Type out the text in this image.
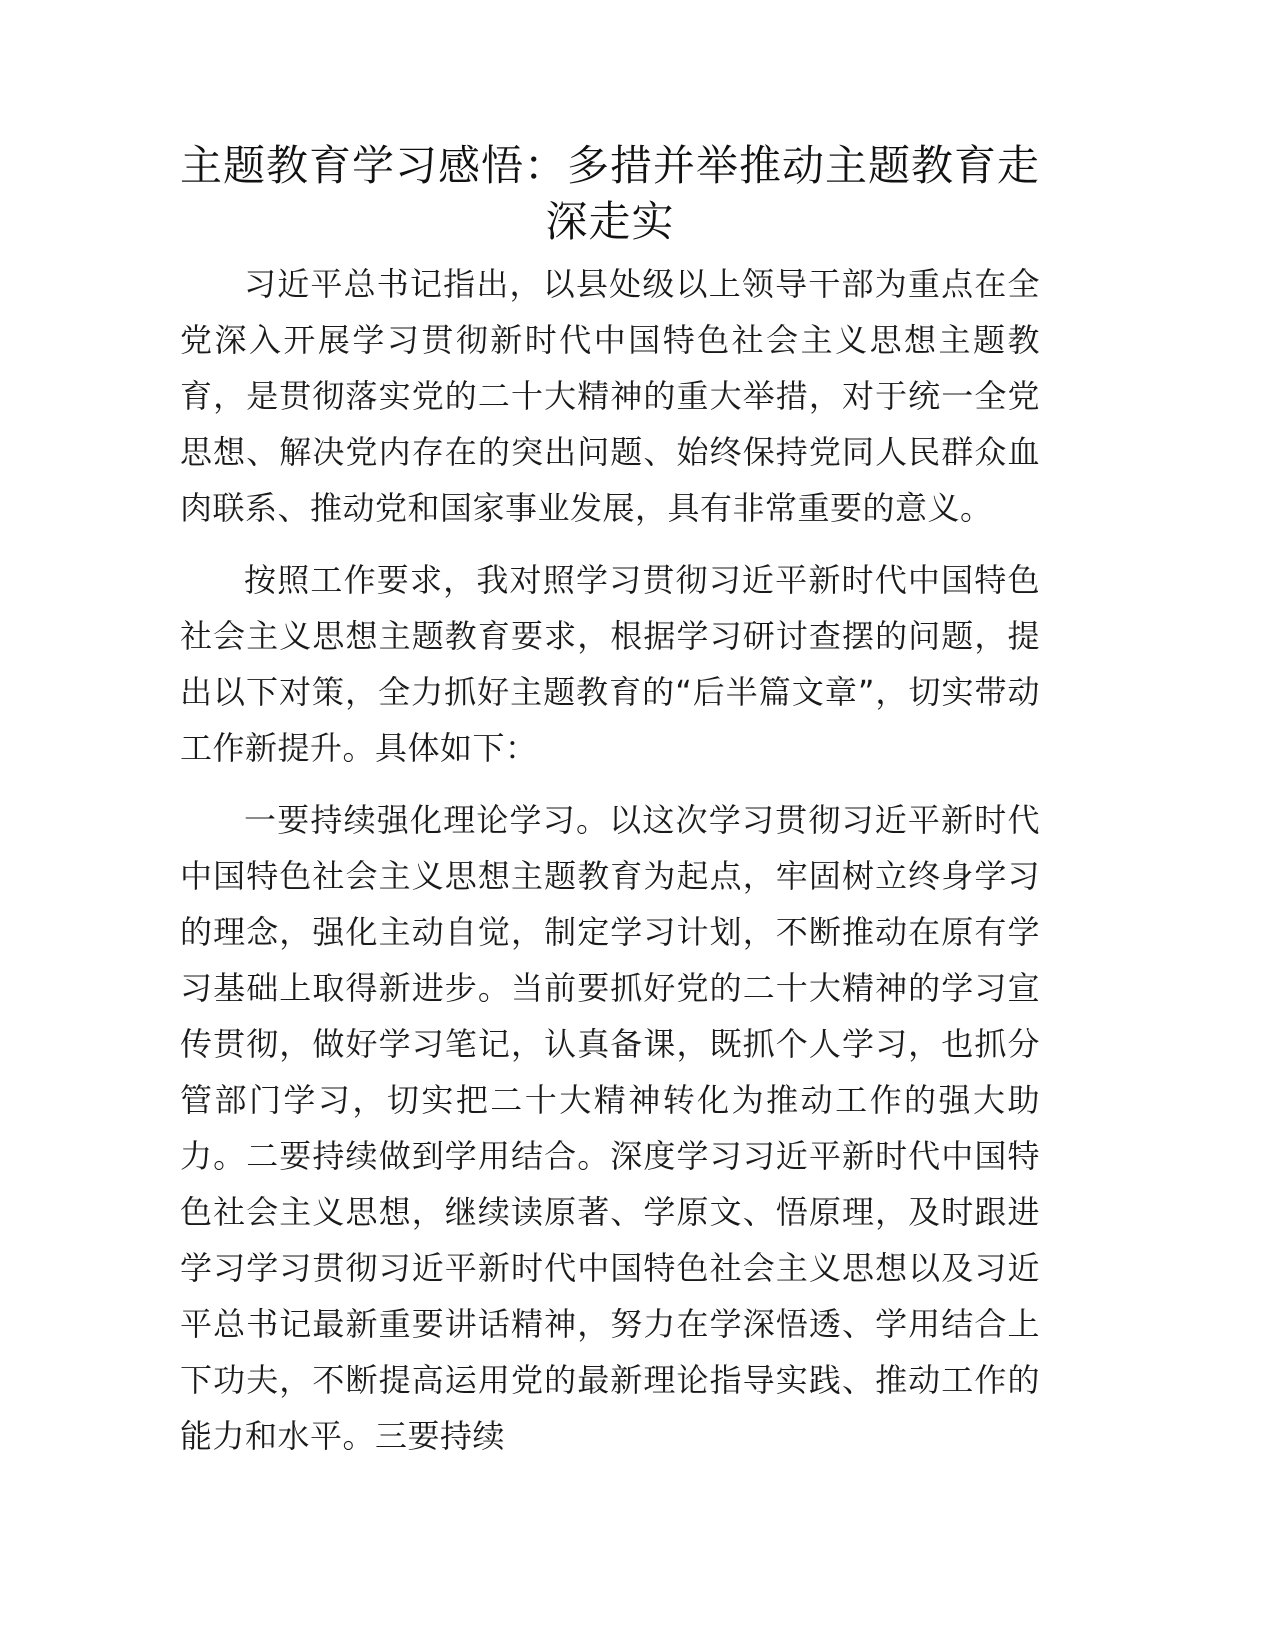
主题教育学习感悟：多措并举推动主题教育走
深走实

习近平总书记指出，以县处级以上领导干部为重点在全党深入开展学习贯彻新时代中国特色社会主义思想主题教育，是贯彻落实党的二十大精神的重大举措，对于统一全党思想、解决党内存在的突出问题、始终保持党同人民群众血肉联系、推动党和国家事业发展，具有非常重要的意义。

按照工作要求，我对照学习贯彻习近平新时代中国特色社会主义思想主题教育要求，根据学习研讨查摆的问题，提出以下对策，全力抓好主题教育的“后半篇文章”，切实带动工作新提升。具体如下：

一要持续强化理论学习。以这次学习贯彻习近平新时代中国特色社会主义思想主题教育为起点，牢固树立终身学习的理念，强化主动自觉，制定学习计划，不断推动在原有学习基础上取得新进步。当前要抓好党的二十大精神的学习宣传贯彻，做好学习笔记，认真备课，既抓个人学习，也抓分管部门学习，切实把二十大精神转化为推动工作的强大助力。二要持续做到学用结合。深度学习习近平新时代中国特色社会主义思想，继续读原著、学原文、悟原理，及时跟进学习学习贯彻习近平新时代中国特色社会主义思想以及习近平总书记最新重要讲话精神，努力在学深悟透、学用结合上下功夫，不断提高运用党的最新理论指导实践、推动工作的能力和水平。三要持续
